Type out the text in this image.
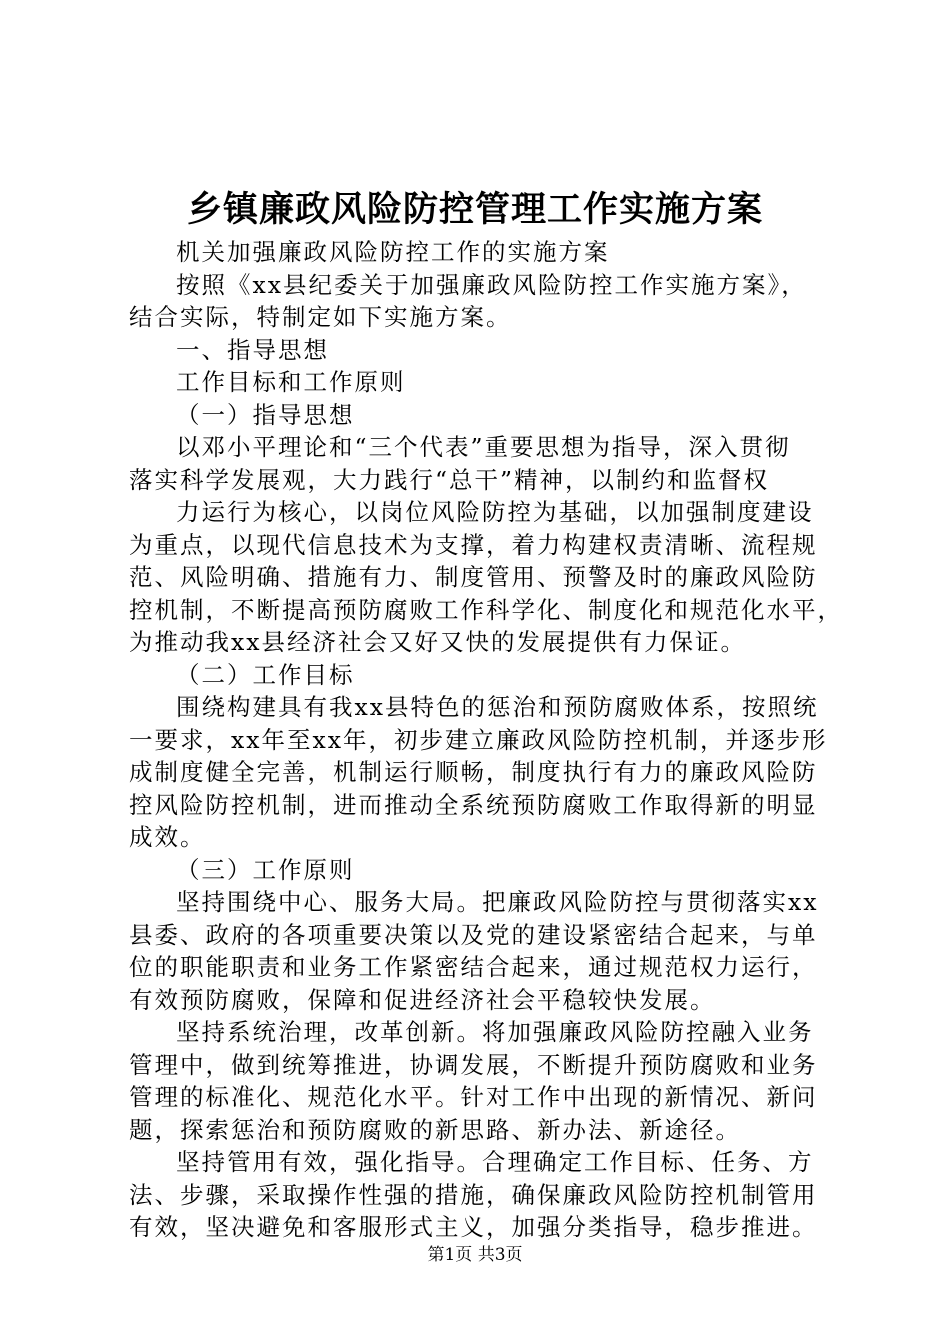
乡镇廉政风险防控管理工作实施方案

机关加强廉政风险防控工作的实施方案

按照《xx县纪委关于加强廉政风险防控工作实施方案》，

结合实际，特制定如下实施方案。

一、指导思想

工作目标和工作原则

（一）指导思想

以邓小平理论和“三个代表”重要思想为指导，深入贯彻

落实科学发展观，大力践行“总干”精神，以制约和监督权

力运行为核心，以岗位风险防控为基础，以加强制度建设

为重点，以现代信息技术为支撑，着力构建权责清晰、流程规

范、风险明确、措施有力、制度管用、预警及时的廉政风险防

控机制，不断提高预防腐败工作科学化、制度化和规范化水平，

为推动我xx县经济社会又好又快的发展提供有力保证。

（二）工作目标

围绕构建具有我xx县特色的惩治和预防腐败体系，按照统

一要求，xx年至xx年，初步建立廉政风险防控机制，并逐步形

成制度健全完善，机制运行顺畅，制度执行有力的廉政风险防

控风险防控机制，进而推动全系统预防腐败工作取得新的明显

成效。

（三）工作原则

坚持围绕中心、服务大局。把廉政风险防控与贯彻落实xx

县委、政府的各项重要决策以及党的建设紧密结合起来，与单

位的职能职责和业务工作紧密结合起来，通过规范权力运行，

有效预防腐败，保障和促进经济社会平稳较快发展。

坚持系统治理，改革创新。将加强廉政风险防控融入业务

管理中，做到统筹推进，协调发展，不断提升预防腐败和业务

管理的标准化、规范化水平。针对工作中出现的新情况、新问

题，探索惩治和预防腐败的新思路、新办法、新途径。

坚持管用有效，强化指导。合理确定工作目标、任务、方

法、步骤，采取操作性强的措施，确保廉政风险防控机制管用

有效，坚决避免和客服形式主义，加强分类指导，稳步推进。

第1页 共3页
